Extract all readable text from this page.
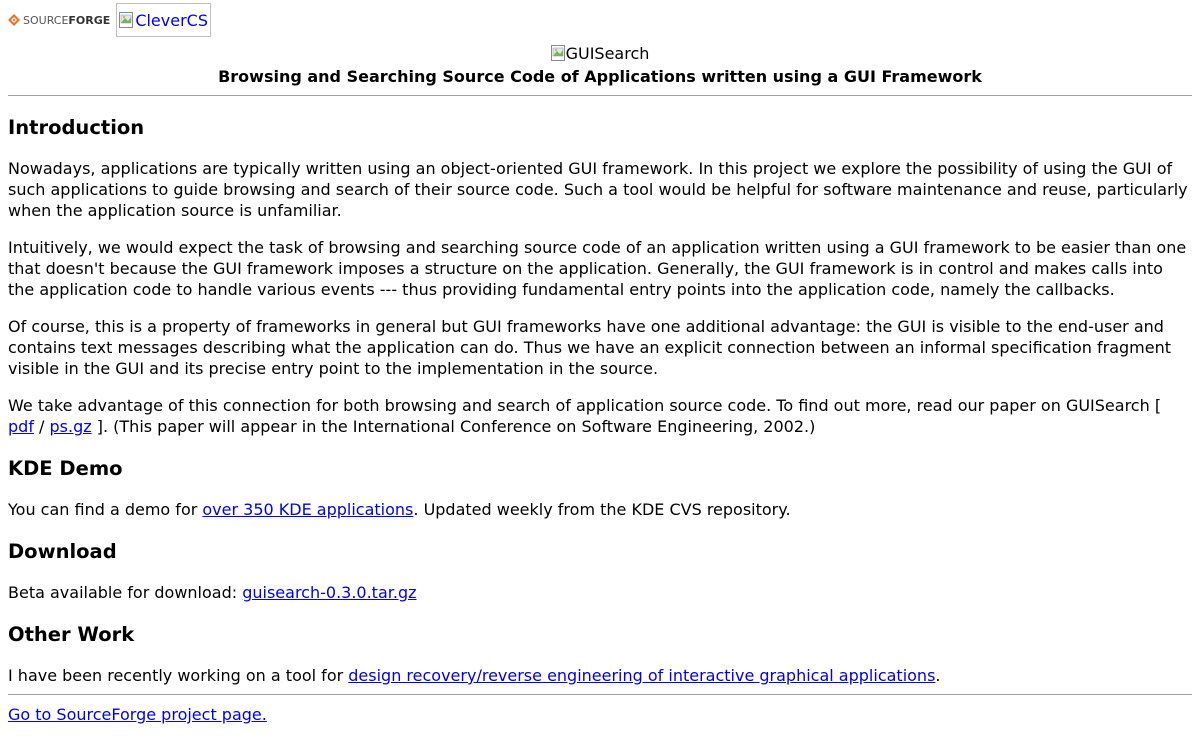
SOURCE FORGE CleverCS
GUISearch

Browsing and Searching Source Code of Applications written using a GUI Framework

Introduction

Nowadays, applications are typically written using an object-oriented GUI framework. In this project we explore the possibility of using the GUI of such applications to guide browsing and search of their source code. Such a tool would be helpful for software maintenance and reuse, particularly when the application source is unfamiliar.

Intuitively, we would expect the task of browsing and searching source code of an application written using a GUI framework to be easier than one that doesn't because the GUI framework imposes a structure on the application. Generally, the GUI framework is in control and makes calls into the application code to handle various events --- thus providing fundamental entry points into the application code, namely the callbacks.

Of course, this is a property of frameworks in general but GUI frameworks have one additional advantage: the GUI is visible to the end-user and contains text messages describing what the application can do. Thus we have an explicit connection between an informal specification fragment visible in the GUI and its precise entry point to the implementation in the source.

We take advantage of this connection for both browsing and search of application source code. To find out more, read our paper on GUISearch [ pdf / ps.gz ]. (This paper will appear in the International Conference on Software Engineering, 2002.)

KDE Demo

You can find a demo for over 350 KDE applications. Updated weekly from the KDE CVS repository.

Download

Beta available for download: guisearch-0.3.0.tar.gz

Other Work

I have been recently working on a tool for design recovery/reverse engineering of interactive graphical applications.

Go to SourceForge project page.
